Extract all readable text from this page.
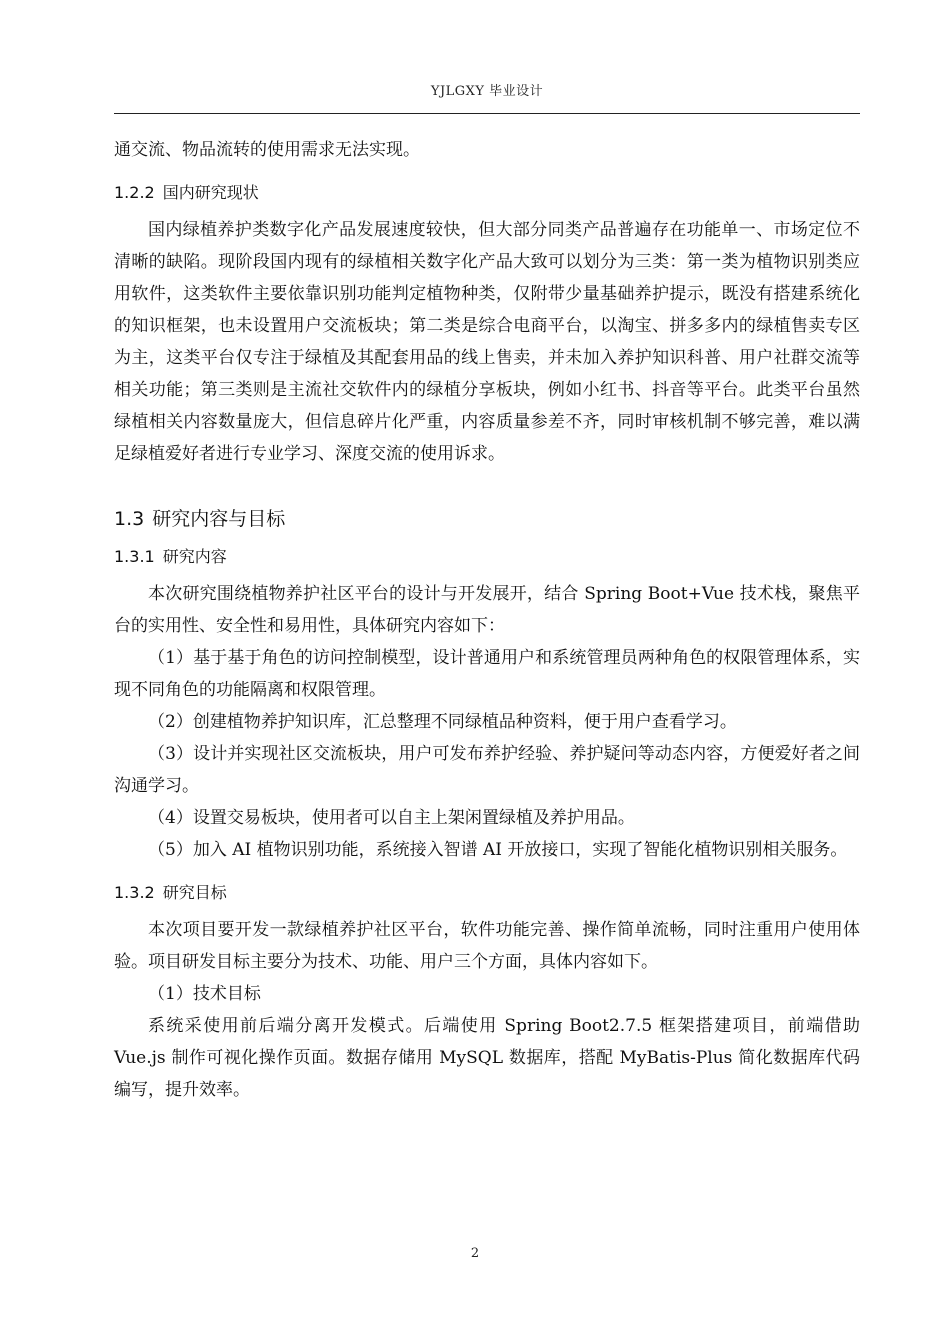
YJLGXY 毕业设计

通交流、物品流转的使用需求无法实现。

1.2.2 国内研究现状

国内绿植养护类数字化产品发展速度较快，但大部分同类产品普遍存在功能单一、市场定位不清晰的缺陷。现阶段国内现有的绿植相关数字化产品大致可以划分为三类：第一类为植物识别类应用软件，这类软件主要依靠识别功能判定植物种类，仅附带少量基础养护提示，既没有搭建系统化的知识框架，也未设置用户交流板块；第二类是综合电商平台，以淘宝、拼多多内的绿植售卖专区为主，这类平台仅专注于绿植及其配套用品的线上售卖，并未加入养护知识科普、用户社群交流等相关功能；第三类则是主流社交软件内的绿植分享板块，例如小红书、抖音等平台。此类平台虽然绿植相关内容数量庞大，但信息碎片化严重，内容质量参差不齐，同时审核机制不够完善，难以满足绿植爱好者进行专业学习、深度交流的使用诉求。

1.3 研究内容与目标
1.3.1 研究内容

本次研究围绕植物养护社区平台的设计与开发展开，结合 Spring Boot+Vue 技术栈，聚焦平台的实用性、安全性和易用性，具体研究内容如下：

（1）基于基于角色的访问控制模型，设计普通用户和系统管理员两种角色的权限管理体系，实现不同角色的功能隔离和权限管理。

（2）创建植物养护知识库，汇总整理不同绿植品种资料，便于用户查看学习。

（3）设计并实现社区交流板块，用户可发布养护经验、养护疑问等动态内容，方便爱好者之间沟通学习。

（4）设置交易板块，使用者可以自主上架闲置绿植及养护用品。

（5）加入 AI 植物识别功能，系统接入智谱 AI 开放接口，实现了智能化植物识别相关服务。

1.3.2 研究目标

本次项目要开发一款绿植养护社区平台，软件功能完善、操作简单流畅，同时注重用户使用体验。项目研发目标主要分为技术、功能、用户三个方面，具体内容如下。

（1）技术目标

系统采使用前后端分离开发模式。后端使用 Spring Boot2.7.5 框架搭建项目，前端借助 Vue.js 制作可视化操作页面。数据存储用 MySQL 数据库，搭配 MyBatis-Plus 简化数据库代码编写，提升效率。

2
